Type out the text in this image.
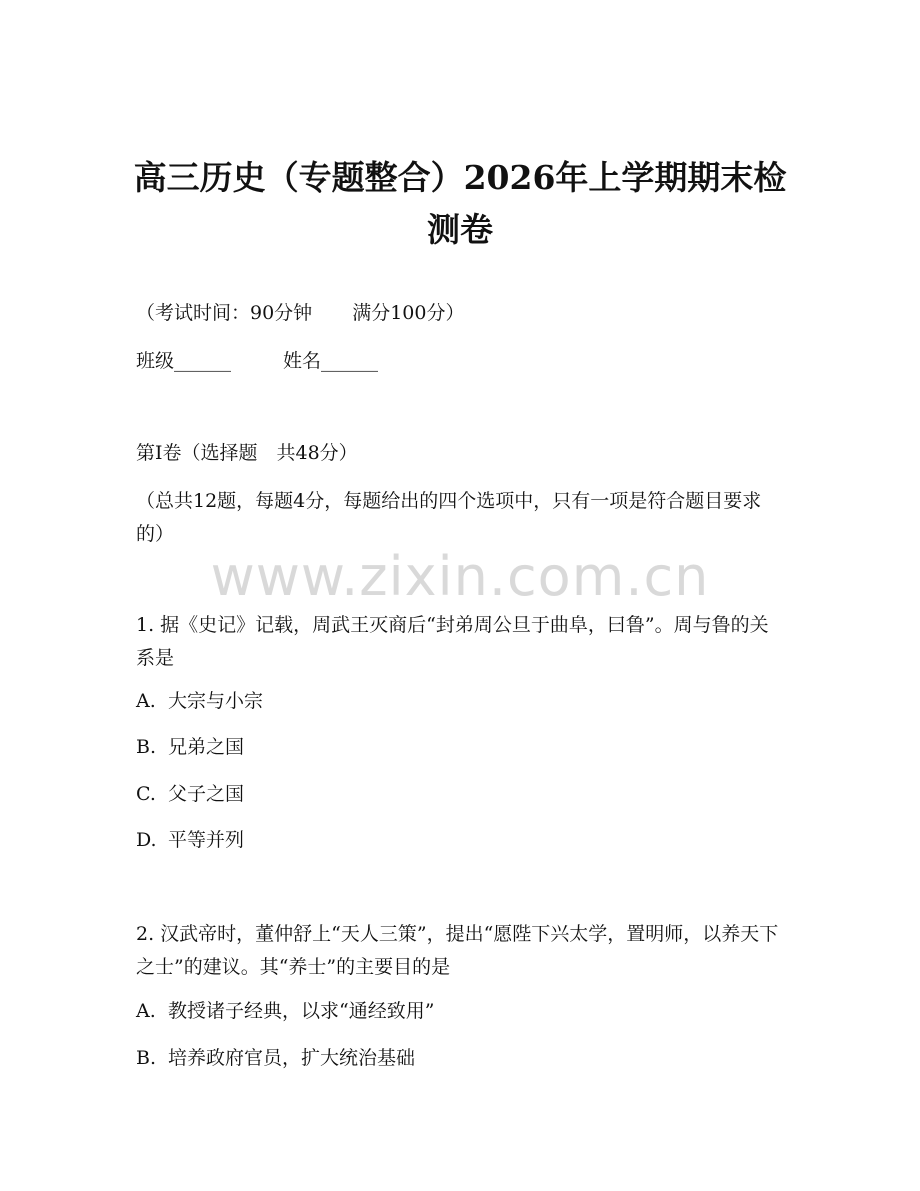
高三历史（专题整合）2026年上学期期末检
测卷
（考试时间：90分钟 满分100分）
班级______	姓名______
第Ⅰ卷（选择题　共48分）
（总共12题，每题4分，每题给出的四个选项中，只有一项是符合题目要求的）
www.zixin.com.cn
1. 据《史记》记载，周武王灭商后“封弟周公旦于曲阜，曰鲁”。周与鲁的关系是
A. 大宗与小宗
B. 兄弟之国
C. 父子之国
D. 平等并列
2. 汉武帝时，董仲舒上“天人三策”，提出“愿陛下兴太学，置明师，以养天下之士”的建议。其“养士”的主要目的是
A. 教授诸子经典，以求“通经致用”
B. 培养政府官员，扩大统治基础
